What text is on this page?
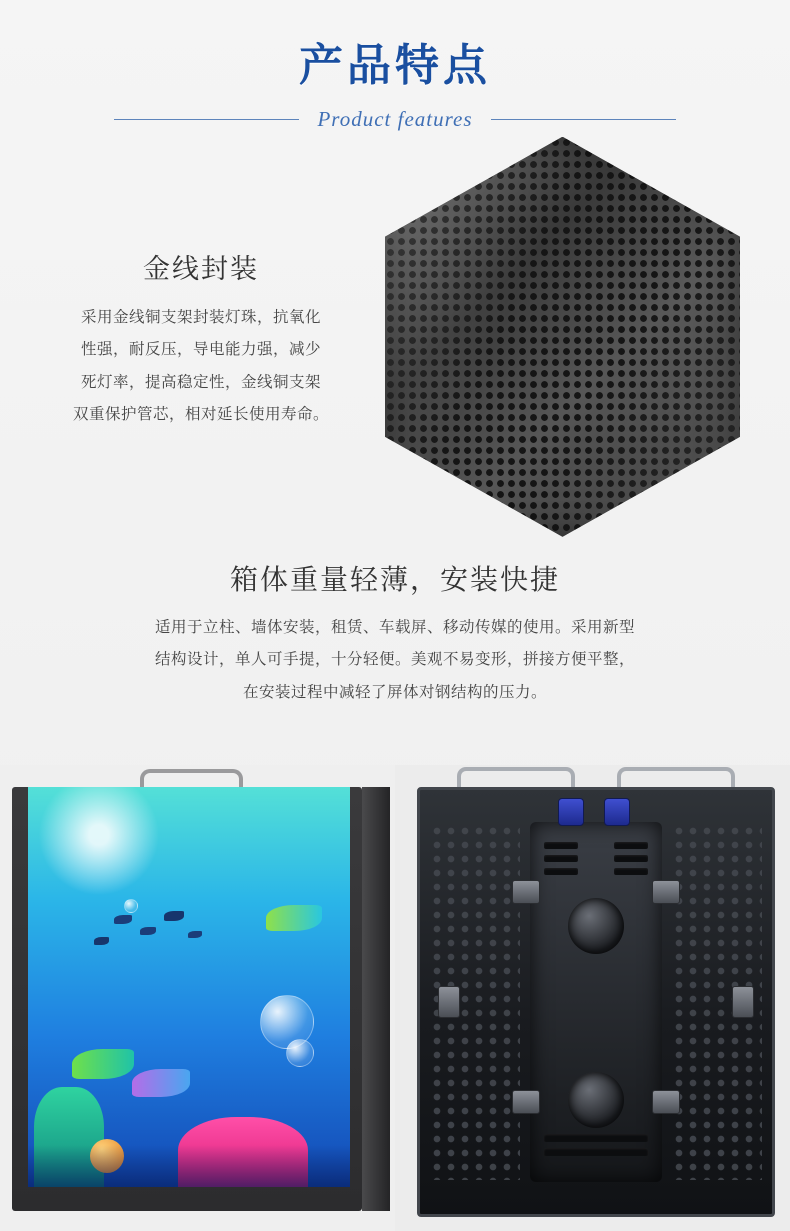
产品特点
Product features
金线封装
采用金线铜支架封装灯珠，抗氧化
性强，耐反压，导电能力强，减少
死灯率，提高稳定性，金线铜支架
双重保护管芯，相对延长使用寿命。
箱体重量轻薄，安装快捷
适用于立柱、墙体安装，租赁、车载屏、移动传媒的使用。采用新型
结构设计，单人可手提，十分轻便。美观不易变形，拼接方便平整，
在安装过程中减轻了屏体对钢结构的压力。
